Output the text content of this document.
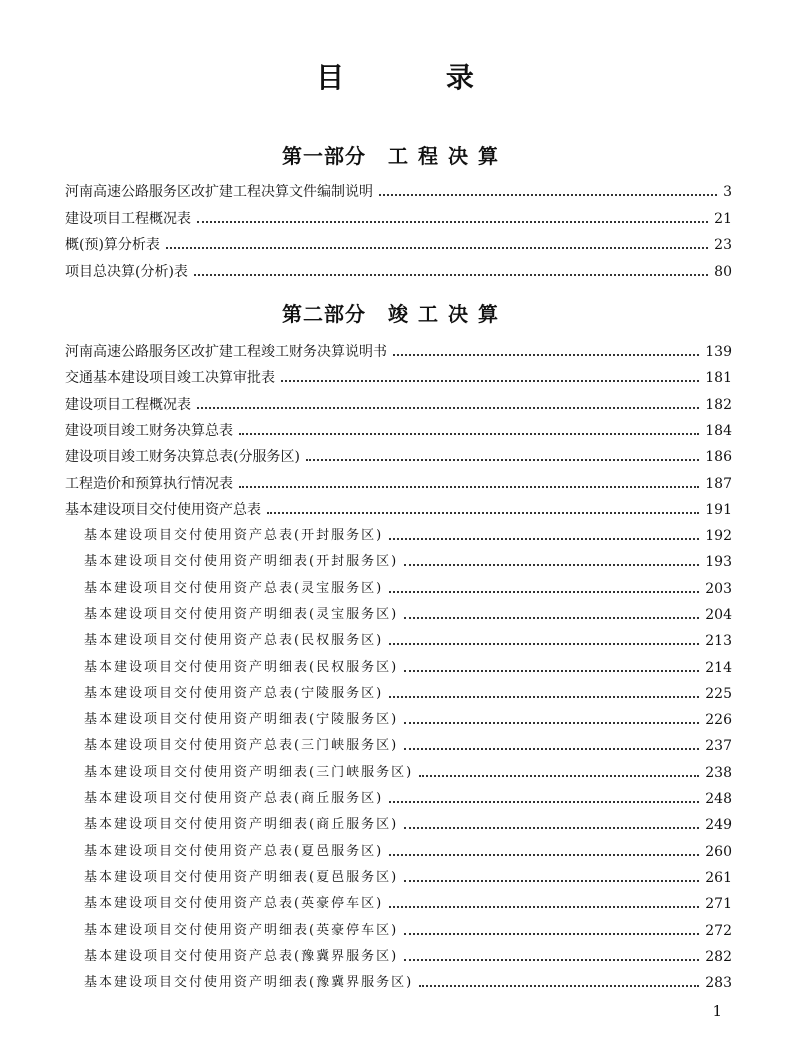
目 录
第一部分 工程决算
第二部分 竣工决算
河南高速公路服务区改扩建工程决算文件编制说明	3
建设项目工程概况表	21
概(预)算分析表	23
项目总决算(分析)表	80
河南高速公路服务区改扩建工程竣工财务决算说明书	139
交通基本建设项目竣工决算审批表	181
建设项目工程概况表	182
建设项目竣工财务决算总表	184
建设项目竣工财务决算总表(分服务区)	186
工程造价和预算执行情况表	187
基本建设项目交付使用资产总表	191
基本建设项目交付使用资产总表(开封服务区)	192
基本建设项目交付使用资产明细表(开封服务区)	193
基本建设项目交付使用资产总表(灵宝服务区)	203
基本建设项目交付使用资产明细表(灵宝服务区)	204
基本建设项目交付使用资产总表(民权服务区)	213
基本建设项目交付使用资产明细表(民权服务区)	214
基本建设项目交付使用资产总表(宁陵服务区)	225
基本建设项目交付使用资产明细表(宁陵服务区)	226
基本建设项目交付使用资产总表(三门峡服务区)	237
基本建设项目交付使用资产明细表(三门峡服务区)	238
基本建设项目交付使用资产总表(商丘服务区)	248
基本建设项目交付使用资产明细表(商丘服务区)	249
基本建设项目交付使用资产总表(夏邑服务区)	260
基本建设项目交付使用资产明细表(夏邑服务区)	261
基本建设项目交付使用资产总表(英豪停车区)	271
基本建设项目交付使用资产明细表(英豪停车区)	272
基本建设项目交付使用资产总表(豫冀界服务区)	282
基本建设项目交付使用资产明细表(豫冀界服务区)	283
1
